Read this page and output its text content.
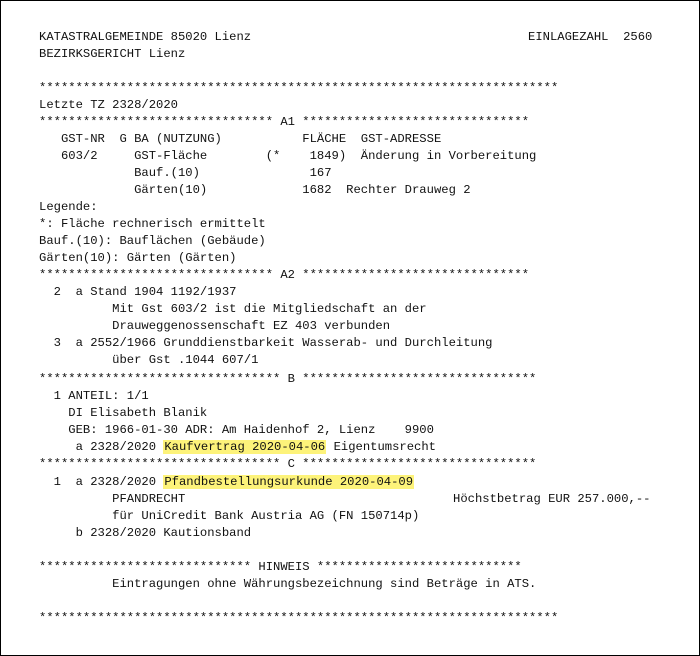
KATASTRALGEMEINDE 85020 Lienz	EINLAGEZAHL  2560
BEZIRKSGERICHT Lienz
***********************************************************************
Letzte TZ 2328/2020
******************************** A1 *******************************
GST-NR  G BA (NUTZUNG)           FLÄCHE  GST-ADRESSE
603/2     GST-Fläche        (*    1849)  Änderung in Vorbereitung
Bauf.(10)               167
Gärten(10)             1682  Rechter Drauweg 2
Legende:
*: Fläche rechnerisch ermittelt
Bauf.(10): Bauflächen (Gebäude)
Gärten(10): Gärten (Gärten)
******************************** A2 *******************************
2  a Stand 1904 1192/1937
Mit Gst 603/2 ist die Mitgliedschaft an der
Drauweggenossenschaft EZ 403 verbunden
3  a 2552/1966 Grunddienstbarkeit Wasserab- und Durchleitung
über Gst .1044 607/1
********************************* B ********************************
1 ANTEIL: 1/1
DI Elisabeth Blanik
GEB: 1966-01-30 ADR: Am Haidenhof 2, Lienz    9900
a 2328/2020 Kaufvertrag 2020-04-06 Eigentumsrecht
********************************* C ********************************
1  a 2328/2020 Pfandbestellungsurkunde 2020-04-09
PFANDRECHT	Höchstbetrag EUR 257.000,--
für UniCredit Bank Austria AG (FN 150714p)
b 2328/2020 Kautionsband
***************************** HINWEIS ****************************
Eintragungen ohne Währungsbezeichnung sind Beträge in ATS.
***********************************************************************
